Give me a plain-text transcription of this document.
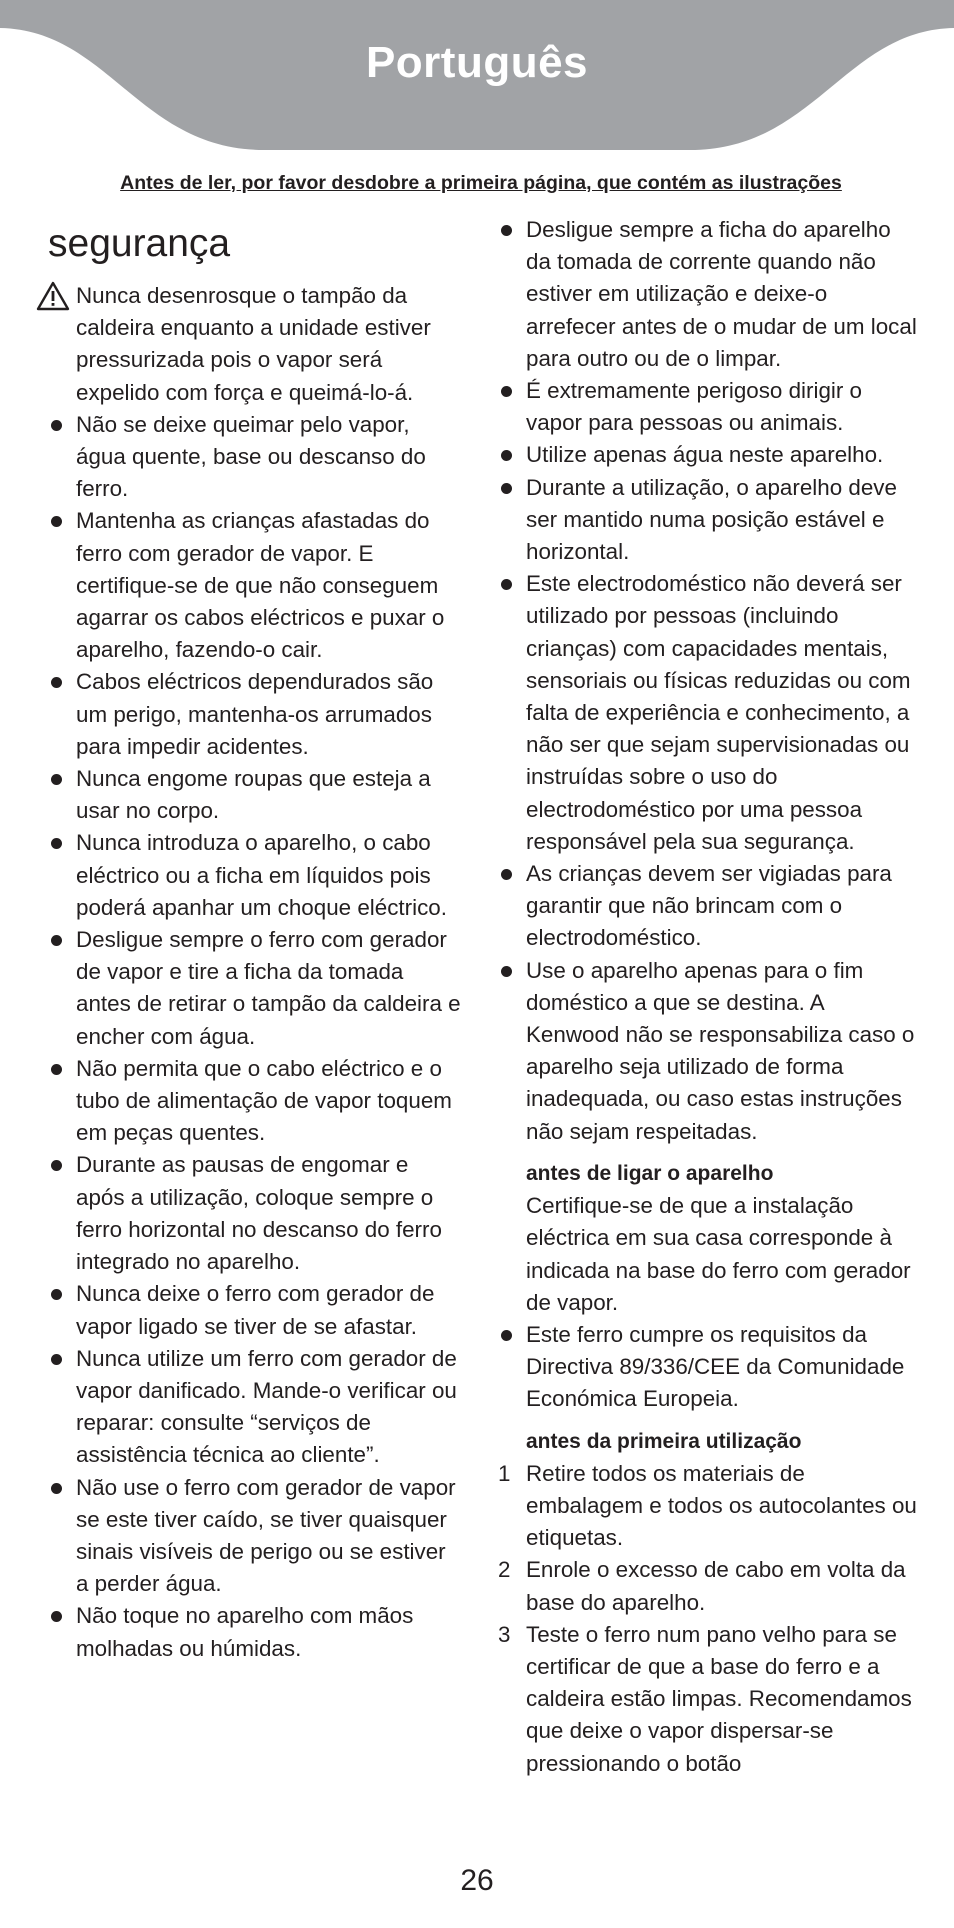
Português
Antes de ler, por favor desdobre a primeira página, que contém as ilustrações
segurança
Nunca desenrosque o tampão da caldeira enquanto a unidade estiver pressurizada pois o vapor será expelido com força e queimá-lo-á.
Não se deixe queimar pelo vapor, água quente, base ou descanso do ferro.
Mantenha as crianças afastadas do ferro com gerador de vapor. E certifique-se de que não conseguem agarrar os cabos eléctricos e puxar o aparelho, fazendo-o cair.
Cabos eléctricos dependurados são um perigo, mantenha-os arrumados para impedir acidentes.
Nunca engome roupas que esteja a usar no corpo.
Nunca introduza o aparelho, o cabo eléctrico ou a ficha em líquidos pois poderá apanhar um choque eléctrico.
Desligue sempre o ferro com gerador de vapor e tire a ficha da tomada antes de retirar o tampão da caldeira e encher com água.
Não permita que o cabo eléctrico e o tubo de alimentação de vapor toquem em peças quentes.
Durante as pausas de engomar e após a utilização, coloque sempre o ferro horizontal no descanso do ferro integrado no aparelho.
Nunca deixe o ferro com gerador de vapor ligado se tiver de se afastar.
Nunca utilize um ferro com gerador de vapor danificado. Mande-o verificar ou reparar: consulte “serviços de assistência técnica ao cliente”.
Não use o ferro com gerador de vapor se este tiver caído, se tiver quaisquer sinais visíveis de perigo ou se estiver a perder água.
Não toque no aparelho com mãos molhadas ou húmidas.
Desligue sempre a ficha do aparelho da tomada de corrente quando não estiver em utilização e deixe-o arrefecer antes de o mudar de um local para outro ou de o limpar.
É extremamente perigoso dirigir o vapor para pessoas ou animais.
Utilize apenas água neste aparelho.
Durante a utilização, o aparelho deve ser mantido numa posição estável e horizontal.
Este electrodoméstico não deverá ser utilizado por pessoas (incluindo crianças) com capacidades mentais, sensoriais ou físicas reduzidas ou com falta de experiência e conhecimento, a não ser que sejam supervisionadas ou instruídas sobre o uso do electrodoméstico por uma pessoa responsável pela sua segurança.
As crianças devem ser vigiadas para garantir que não brincam com o electrodoméstico.
Use o aparelho apenas para o fim doméstico a que se destina. A Kenwood não se responsabiliza caso o aparelho seja utilizado de forma inadequada, ou caso estas instruções não sejam respeitadas.
antes de ligar o aparelho

Certifique-se de que a instalação eléctrica em sua casa corresponde à indicada na base do ferro com gerador de vapor.

Este ferro cumpre os requisitos da Directiva 89/336/CEE da Comunidade Económica Europeia.
antes da primeira utilização
1 Retire todos os materiais de embalagem e todos os autocolantes ou etiquetas.
2 Enrole o excesso de cabo em volta da base do aparelho.
3 Teste o ferro num pano velho para se certificar de que a base do ferro e a caldeira estão limpas. Recomendamos que deixe o vapor dispersar-se pressionando o botão
26
